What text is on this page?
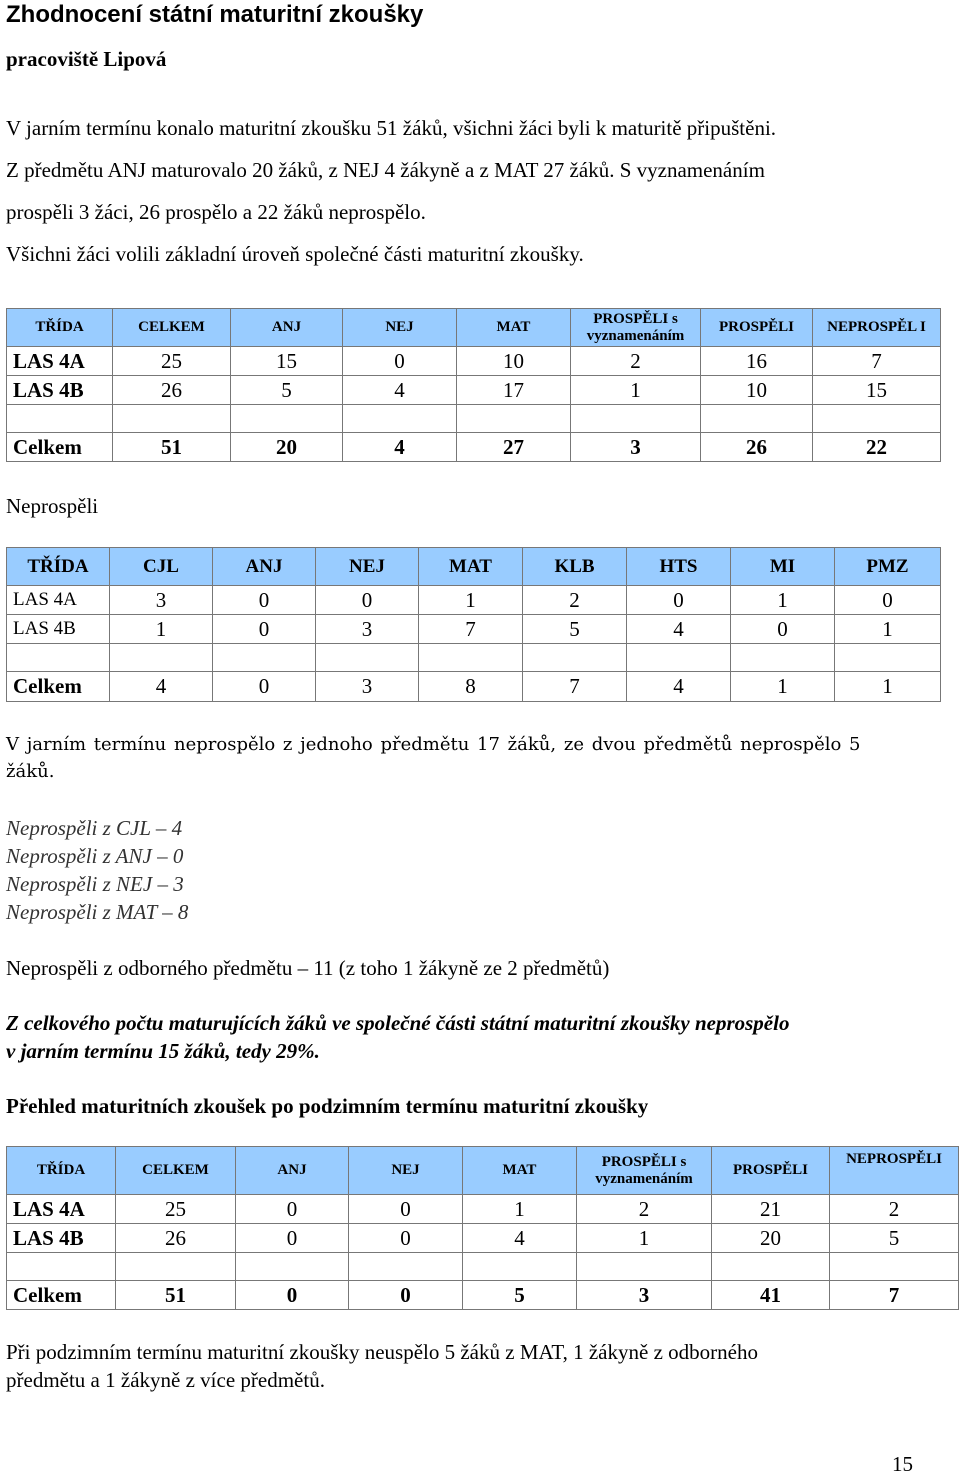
Zhodnocení státní maturitní zkoušky
pracoviště Lipová

V jarním termínu konalo maturitní zkoušku 51 žáků, všichni žáci byli k maturitě připuštěni.

Z předmětu ANJ maturovalo 20 žáků, z NEJ 4 žákyně a z MAT 27 žáků. S vyznamenáním

prospěli 3 žáci, 26 prospělo a 22 žáků neprospělo.

Všichni žáci volili základní úroveň společné části maturitní zkoušky.

TŘÍDA	CELKEM	ANJ	NEJ	MAT	PROSPĚLI s vyznamenáním	PROSPĚLI	NEPROSPĚL I
LAS 4A	25	15	0	10	2	16	7
LAS 4B	26	5	4	17	1	10	15

Celkem	51	20	4	27	3	26	22

Neprospěli

TŘÍDA	CJL	ANJ	NEJ	MAT	KLB	HTS	MI	PMZ
LAS 4A	3	0	0	1	2	0	1	0
LAS 4B	1	0	3	7	5	4	0	1

Celkem	4	0	3	8	7	4	1	1

V jarním termínu neprospělo z jednoho předmětu 17 žáků, ze dvou předmětů neprospělo 5

žáků.

Neprospěli z CJL – 4

Neprospěli z ANJ – 0

Neprospěli z NEJ – 3

Neprospěli z MAT – 8

Neprospěli z odborného předmětu – 11 (z toho 1 žákyně ze 2 předmětů)

Z celkového počtu maturujících žáků ve společné části státní maturitní zkoušky neprospělo

v jarním termínu 15 žáků, tedy 29%.

Přehled maturitních zkoušek po podzimním termínu maturitní zkoušky

TŘÍDA	CELKEM	ANJ	NEJ	MAT	PROSPĚLI s vyznamenáním	PROSPĚLI	NEPROSPĚLI
LAS 4A	25	0	0	1	2	21	2
LAS 4B	26	0	0	4	1	20	5

Celkem	51	0	0	5	3	41	7

Při podzimním termínu maturitní zkoušky neuspělo 5 žáků z MAT, 1 žákyně z odborného

předmětu a 1 žákyně z více předmětů.

15
